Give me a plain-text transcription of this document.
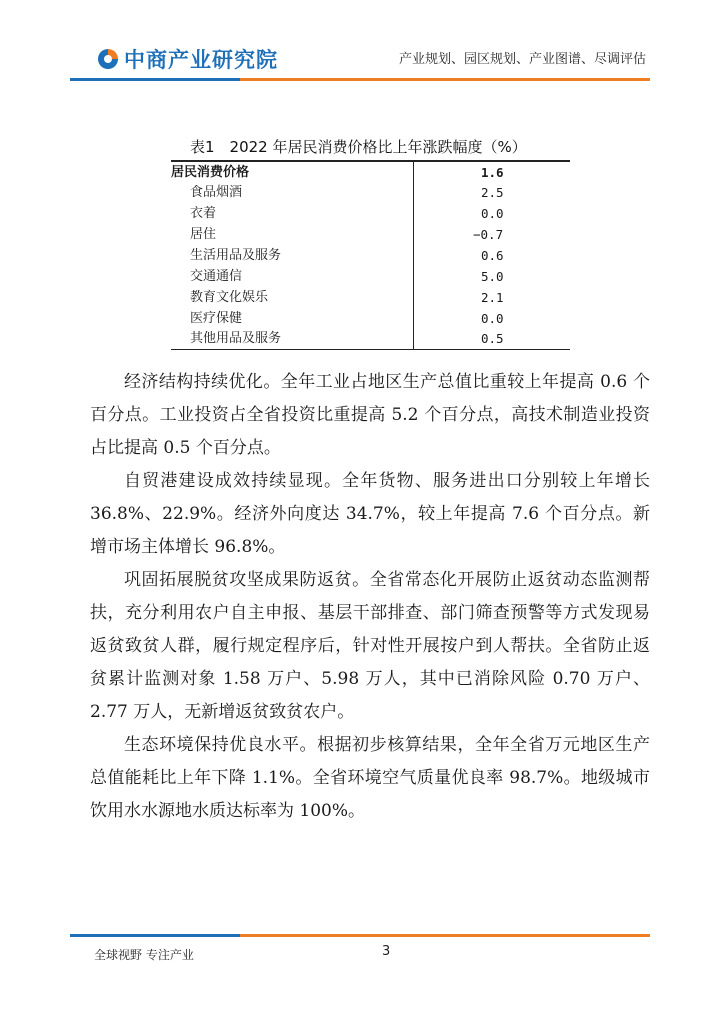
中商产业研究院	产业规划、园区规划、产业图谱、尽调评估
表1　2022 年居民消费价格比上年涨跌幅度（%）
居民消费价格	1.6
食品烟酒	2.5
衣着	0.0
居住	−0.7
生活用品及服务	0.6
交通通信	5.0
教育文化娱乐	2.1
医疗保健	0.0
其他用品及服务	0.5

经济结构持续优化。全年工业占地区生产总值比重较上年提高 0.6 个百分点。工业投资占全省投资比重提高 5.2 个百分点，高技术制造业投资占比提高 0.5 个百分点。

自贸港建设成效持续显现。全年货物、服务进出口分别较上年增长 36.8%、22.9%。经济外向度达 34.7%，较上年提高 7.6 个百分点。新增市场主体增长 96.8%。

巩固拓展脱贫攻坚成果防返贫。全省常态化开展防止返贫动态监测帮扶，充分利用农户自主申报、基层干部排查、部门筛查预警等方式发现易返贫致贫人群，履行规定程序后，针对性开展按户到人帮扶。全省防止返贫累计监测对象 1.58 万户、5.98 万人，其中已消除风险 0.70 万户、2.77 万人，无新增返贫致贫农户。

生态环境保持优良水平。根据初步核算结果，全年全省万元地区生产总值能耗比上年下降 1.1%。全省环境空气质量优良率 98.7%。地级城市饮用水水源地水质达标率为 100%。

全球视野 专注产业	3
